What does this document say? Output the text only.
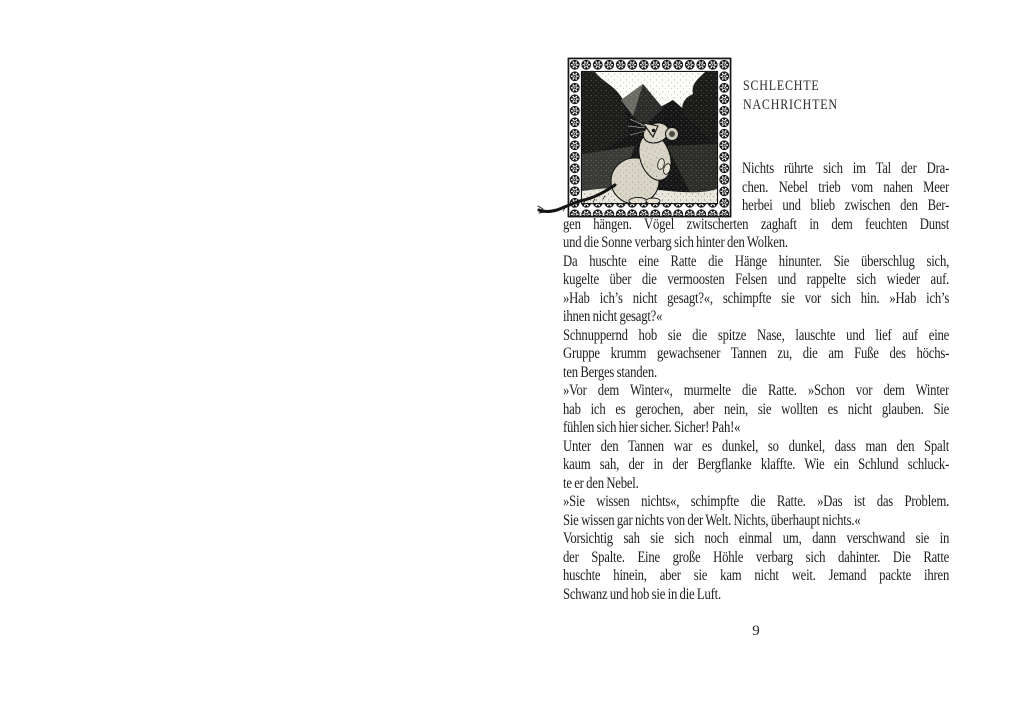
SCHLECHTE
NACHRICHTEN
Nichts rührte sich im Tal der Dra-
chen. Nebel trieb vom nahen Meer
herbei und blieb zwischen den Ber-
gen hängen. Vögel zwitscherten zaghaft in dem feuchten Dunst
und die Sonne verbarg sich hinter den Wolken.
Da huschte eine Ratte die Hänge hinunter. Sie überschlug sich,
kugelte über die vermoosten Felsen und rappelte sich wieder auf.
»Hab ich’s nicht gesagt?«, schimpfte sie vor sich hin. »Hab ich’s
ihnen nicht gesagt?«
Schnuppernd hob sie die spitze Nase, lauschte und lief auf eine
Gruppe krumm gewachsener Tannen zu, die am Fuße des höchs-
ten Berges standen.
»Vor dem Winter«, murmelte die Ratte. »Schon vor dem Winter
hab ich es gerochen, aber nein, sie wollten es nicht glauben. Sie
fühlen sich hier sicher. Sicher! Pah!«
Unter den Tannen war es dunkel, so dunkel, dass man den Spalt
kaum sah, der in der Bergflanke klaffte. Wie ein Schlund schluck-
te er den Nebel.
»Sie wissen nichts«, schimpfte die Ratte. »Das ist das Problem.
Sie wissen gar nichts von der Welt. Nichts, überhaupt nichts.«
Vorsichtig sah sie sich noch einmal um, dann verschwand sie in
der Spalte. Eine große Höhle verbarg sich dahinter. Die Ratte
huschte hinein, aber sie kam nicht weit. Jemand packte ihren
Schwanz und hob sie in die Luft.
9
